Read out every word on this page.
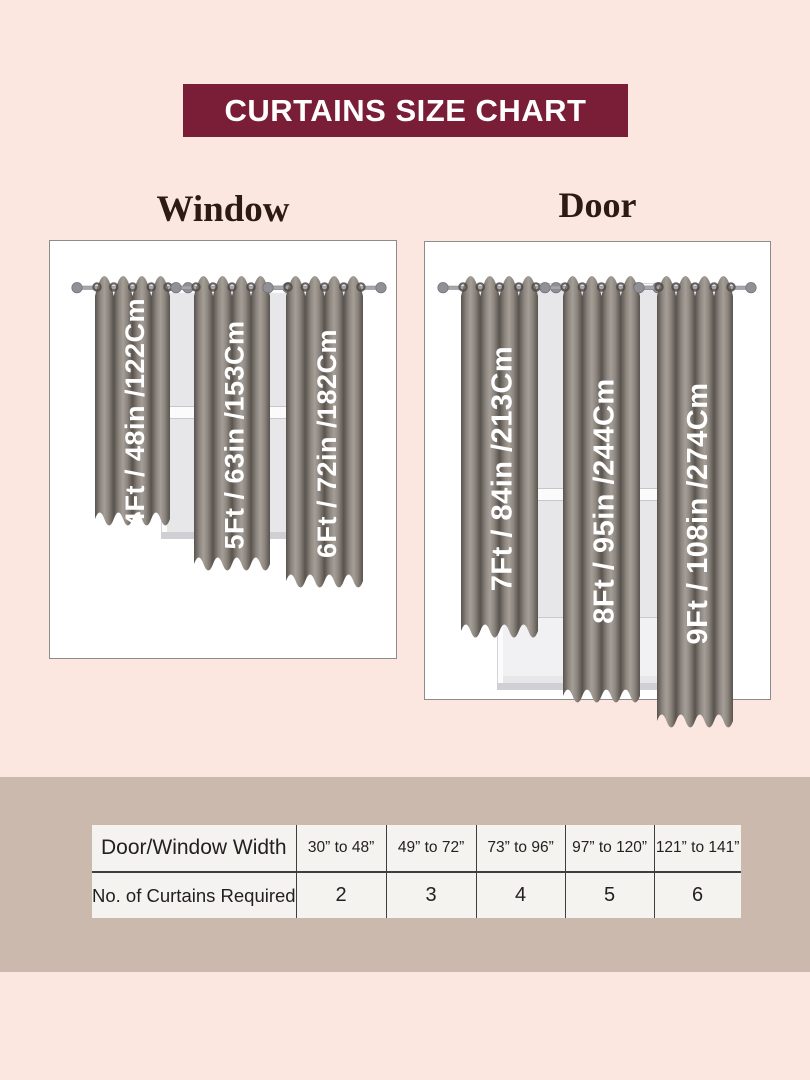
CURTAINS SIZE CHART
Window	Door
Door/Window Width	30” to 48”	49” to 72”	73” to 96”	97” to 120”	121” to 141”
No. of Curtains Required	2	3	4	5	6
4Ft / 48in /122Cm	5Ft / 63in /153Cm 6Ft / 72in /182Cm	7Ft / 84in /213Cm 8Ft / 95in /244Cm 9Ft / 108in /274Cm
